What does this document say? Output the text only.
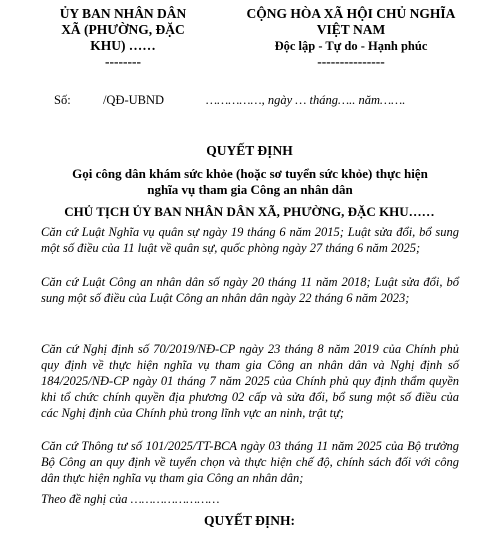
ỦY BAN NHÂN DÂN
XÃ (PHƯỜNG, ĐẶC
KHU) ……
--------
CỘNG HÒA XÃ HỘI CHỦ NGHĨA
VIỆT NAM
Độc lập - Tự do - Hạnh phúc
---------------
Số:	/QĐ-UBND	……………, ngày … tháng….. năm…….
QUYẾT ĐỊNH
Gọi công dân khám sức khỏe (hoặc sơ tuyển sức khỏe) thực hiện
nghĩa vụ tham gia Công an nhân dân
CHỦ TỊCH ỦY BAN NHÂN DÂN XÃ, PHƯỜNG, ĐẶC KHU……
Căn cứ Luật Nghĩa vụ quân sự ngày 19 tháng 6 năm 2015; Luật sửa đổi, bổ sung một số điều của 11 luật về quân sự, quốc phòng ngày 27 tháng 6 năm 2025;
Căn cứ Luật Công an nhân dân số ngày 20 tháng 11 năm 2018; Luật sửa đổi, bổ sung một số điều của Luật Công an nhân dân ngày 22 tháng 6 năm 2023;
Căn cứ Nghị định số 70/2019/NĐ-CP ngày 23 tháng 8 năm 2019 của Chính phủ quy định về thực hiện nghĩa vụ tham gia Công an nhân dân và Nghị định số 184/2025/NĐ-CP ngày 01 tháng 7 năm 2025 của Chính phủ quy định thẩm quyền khi tổ chức chính quyền địa phương 02 cấp và sửa đổi, bổ sung một số điều của các Nghị định của Chính phủ trong lĩnh vực an ninh, trật tự;
Căn cứ Thông tư số 101/2025/TT-BCA ngày 03 tháng 11 năm 2025 của Bộ trưởng Bộ Công an quy định về tuyển chọn và thực hiện chế độ, chính sách đối với công dân thực hiện nghĩa vụ tham gia Công an nhân dân;
Theo đề nghị của ……………………
QUYẾT ĐỊNH:
